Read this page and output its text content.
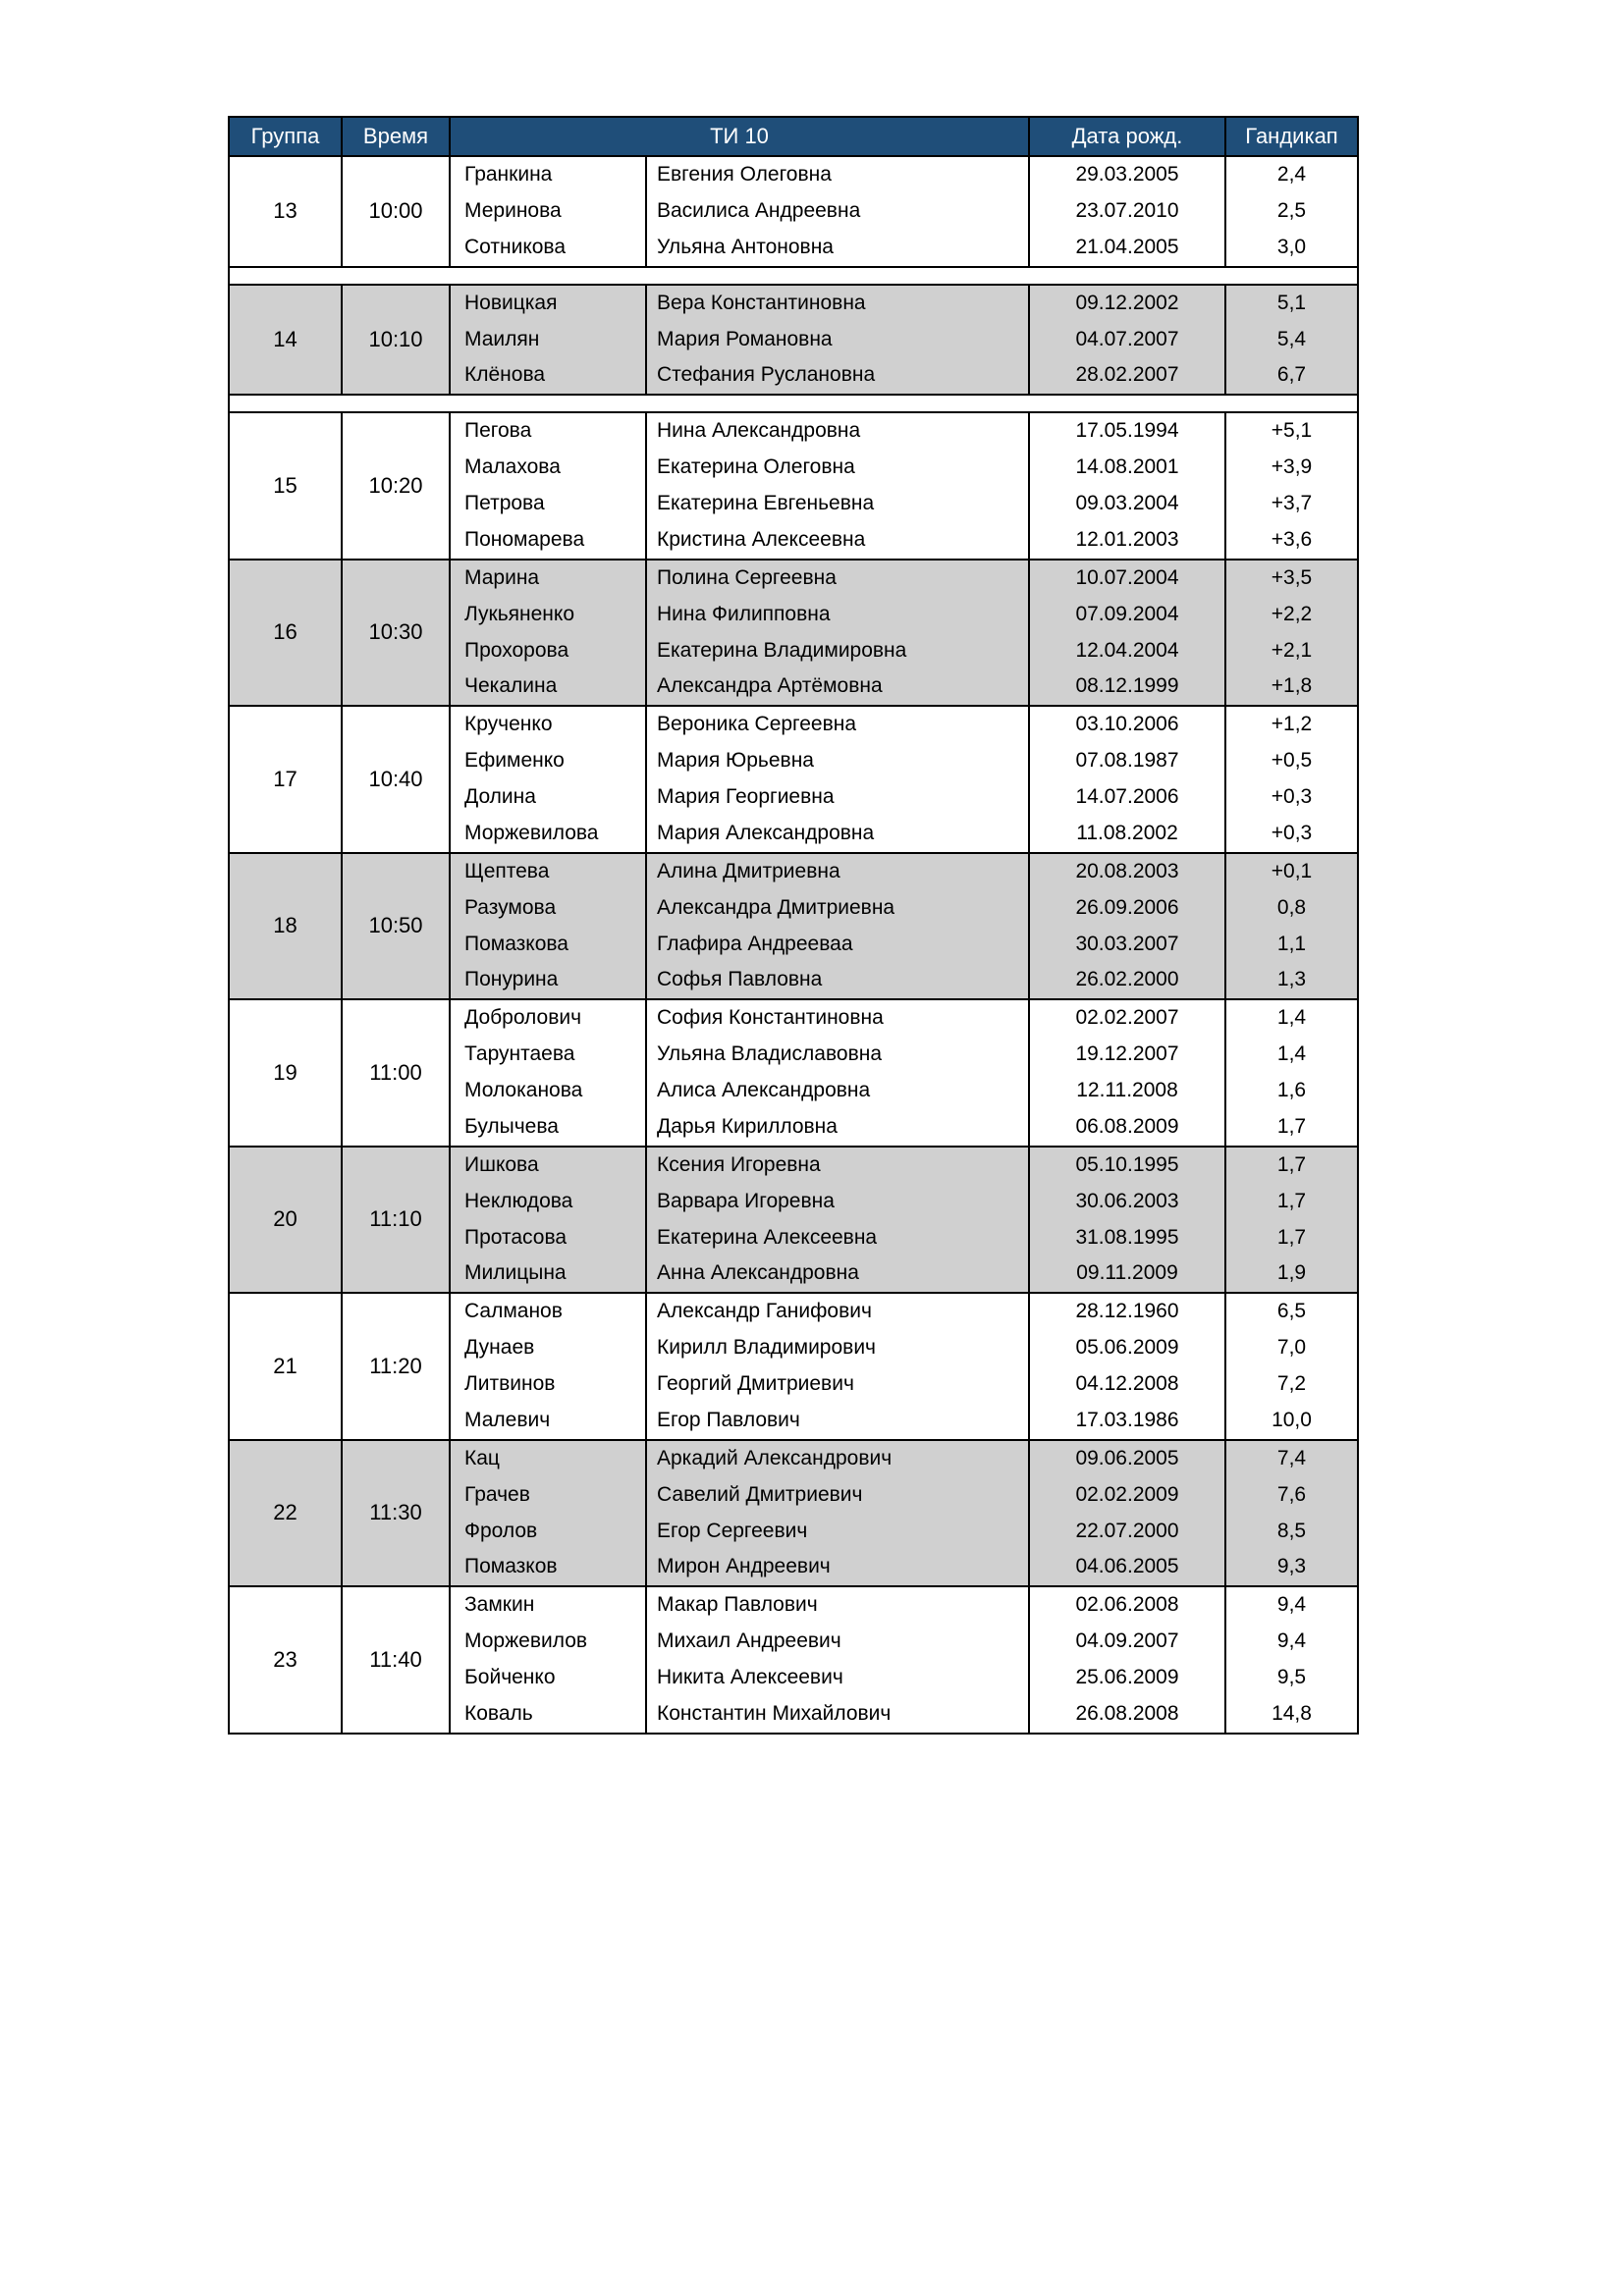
Группа	Время	ТИ 10		Дата рожд.	Гандикап
13	10:00	Гранкина	Евгения Олеговна	29.03.2005	2,4
		Меринова	Василиса Андреевна	23.07.2010	2,5
		Сотникова	Ульяна Антоновна	21.04.2005	3,0

14	10:10	Новицкая	Вера Константиновна	09.12.2002	5,1
		Маилян	Мария Романовна	04.07.2007	5,4
		Клёнова	Стефания Руслановна	28.02.2007	6,7

15	10:20	Пегова	Нина Александровна	17.05.1994	+5,1
		Малахова	Екатерина Олеговна	14.08.2001	+3,9
		Петрова	Екатерина Евгеньевна	09.03.2004	+3,7
		Пономарева	Кристина Алексеевна	12.01.2003	+3,6
16	10:30	Марина	Полина Сергеевна	10.07.2004	+3,5
		Лукьяненко	Нина Филипповна	07.09.2004	+2,2
		Прохорова	Екатерина Владимировна	12.04.2004	+2,1
		Чекалина	Александра Артёмовна	08.12.1999	+1,8
17	10:40	Крученко	Вероника Сергеевна	03.10.2006	+1,2
		Ефименко	Мария Юрьевна	07.08.1987	+0,5
		Долина	Мария Георгиевна	14.07.2006	+0,3
		Моржевилова	Мария Александровна	11.08.2002	+0,3
18	10:50	Щептева	Алина Дмитриевна	20.08.2003	+0,1
		Разумова	Александра Дмитриевна	26.09.2006	0,8
		Помазкова	Глафира Андрееваа	30.03.2007	1,1
		Понурина	Софья Павловна	26.02.2000	1,3
19	11:00	Добролович	София Константиновна	02.02.2007	1,4
		Тарунтаева	Ульяна Владиславовна	19.12.2007	1,4
		Молоканова	Алиса Александровна	12.11.2008	1,6
		Булычева	Дарья Кирилловна	06.08.2009	1,7
20	11:10	Ишкова	Ксения Игоревна	05.10.1995	1,7
		Неклюдова	Варвара Игоревна	30.06.2003	1,7
		Протасова	Екатерина Алексеевна	31.08.1995	1,7
		Милицына	Анна Александровна	09.11.2009	1,9
21	11:20	Салманов	Александр Ганифович	28.12.1960	6,5
		Дунаев	Кирилл Владимирович	05.06.2009	7,0
		Литвинов	Георгий Дмитриевич	04.12.2008	7,2
		Малевич	Егор Павлович	17.03.1986	10,0
22	11:30	Кац	Аркадий Александрович	09.06.2005	7,4
		Грачев	Савелий Дмитриевич	02.02.2009	7,6
		Фролов	Егор Сергеевич	22.07.2000	8,5
		Помазков	Мирон Андреевич	04.06.2005	9,3
23	11:40	Замкин	Макар Павлович	02.06.2008	9,4
		Моржевилов	Михаил Андреевич	04.09.2007	9,4
		Бойченко	Никита Алексеевич	25.06.2009	9,5
		Коваль	Константин Михайлович	26.08.2008	14,8
